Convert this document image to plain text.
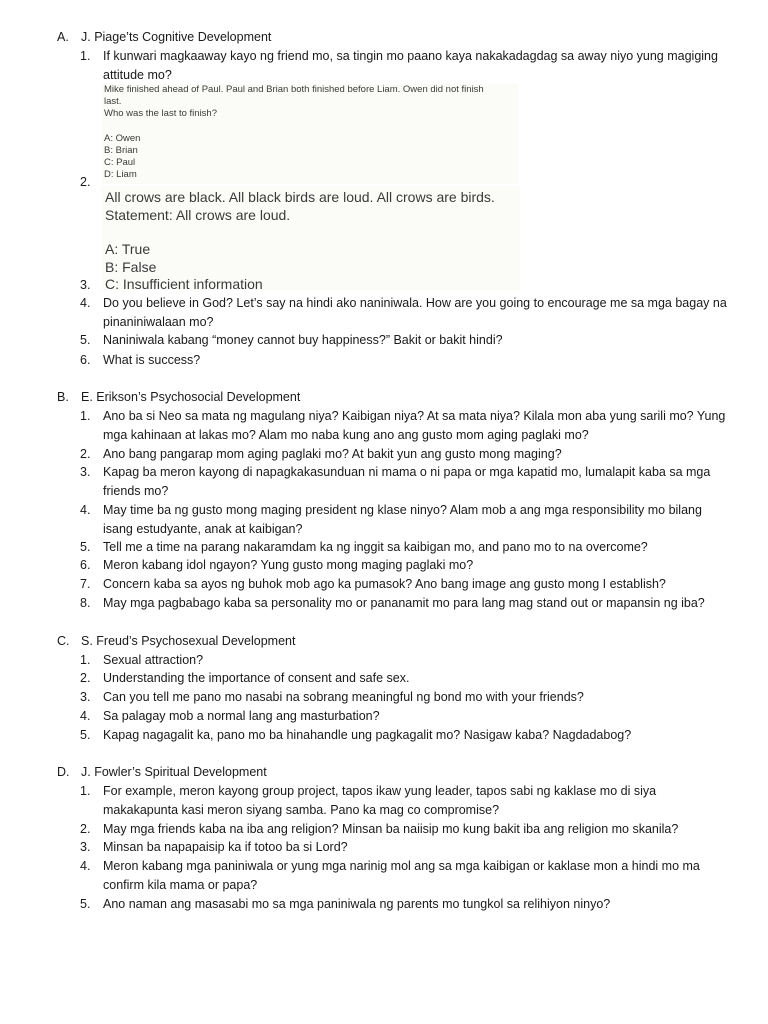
A. J. Piage’ts Cognitive Development
1.	If kunwari magkaaway kayo ng friend mo, sa tingin mo paano kaya nakakadagdag sa away niyo yung magiging attitude mo?
Mike finished ahead of Paul. Paul and Brian both finished before Liam. Owen did not finish
last.
Who was the last to finish?
A: Owen
B: Brian
C: Paul
D: Liam
2.
All crows are black. All black birds are loud. All crows are birds.
Statement: All crows are loud.
A: True
B: False
C: Insufficient information
3.
4.	Do you believe in God? Let’s say na hindi ako naniniwala. How are you going to encourage me sa mga bagay na pinaniniwalaan mo?
5.	Naniniwala kabang “money cannot buy happiness?” Bakit or bakit hindi?
6.	What is success?
B. E. Erikson’s Psychosocial Development
1.	Ano ba si Neo sa mata ng magulang niya? Kaibigan niya? At sa mata niya? Kilala mon aba yung sarili mo? Yung mga kahinaan at lakas mo? Alam mo naba kung ano ang gusto mom aging paglaki mo?
2.	Ano bang pangarap mom aging paglaki mo? At bakit yun ang gusto mong maging?
3.	Kapag ba meron kayong di napagkakasunduan ni mama o ni papa or mga kapatid mo, lumalapit kaba sa mga friends mo?
4.	May time ba ng gusto mong maging president ng klase ninyo? Alam mob a ang mga responsibility mo bilang isang estudyante, anak at kaibigan?
5.	Tell me a time na parang nakaramdam ka ng inggit sa kaibigan mo, and pano mo to na overcome?
6.	Meron kabang idol ngayon? Yung gusto mong maging paglaki mo?
7.	Concern kaba sa ayos ng buhok mob ago ka pumasok? Ano bang image ang gusto mong I establish?
8.	May mga pagbabago kaba sa personality mo or pananamit mo para lang mag stand out or mapansin ng iba?
C. S. Freud’s Psychosexual Development
1.	Sexual attraction?
2.	Understanding the importance of consent and safe sex.
3.	Can you tell me pano mo nasabi na sobrang meaningful ng bond mo with your friends?
4.	Sa palagay mob a normal lang ang masturbation?
5.	Kapag nagagalit ka, pano mo ba hinahandle ung pagkagalit mo? Nasigaw kaba? Nagdadabog?
D. J. Fowler’s Spiritual Development
1.	For example, meron kayong group project, tapos ikaw yung leader, tapos sabi ng kaklase mo di siya makakapunta kasi meron siyang samba. Pano ka mag co compromise?
2.	May mga friends kaba na iba ang religion? Minsan ba naiisip mo kung bakit iba ang religion mo skanila?
3.	Minsan ba napapaisip ka if totoo ba si Lord?
4.	Meron kabang mga paniniwala or yung mga narinig mol ang sa mga kaibigan or kaklase mon a hindi mo ma confirm kila mama or papa?
5.	Ano naman ang masasabi mo sa mga paniniwala ng parents mo tungkol sa relihiyon ninyo?
